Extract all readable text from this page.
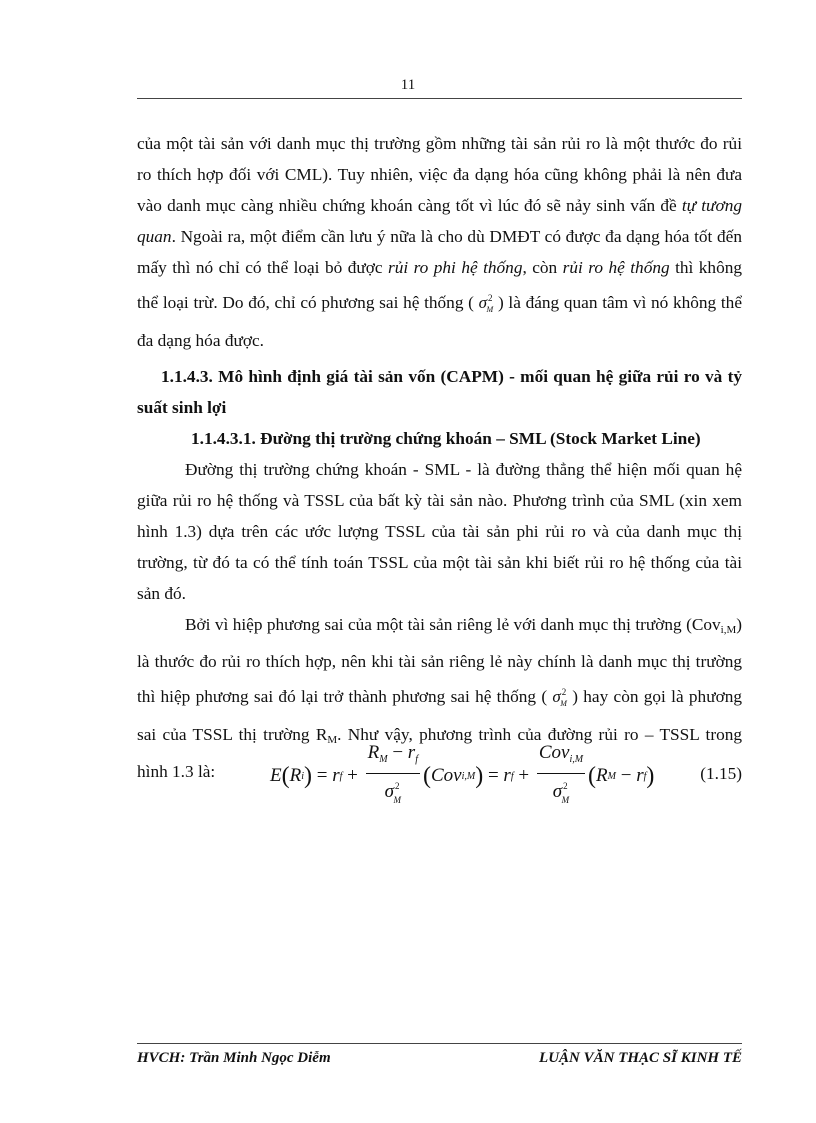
11

của một tài sản với danh mục thị trường gồm những tài sản rủi ro là một thước đo rủi ro thích hợp đối với CML). Tuy nhiên, việc đa dạng hóa cũng không phải là nên đưa vào danh mục càng nhiều chứng khoán càng tốt vì lúc đó sẽ nảy sinh vấn đề tự tương quan. Ngoài ra, một điểm cần lưu ý nữa là cho dù DMĐT có được đa dạng hóa tốt đến mấy thì nó chỉ có thể loại bỏ được rủi ro phi hệ thống, còn rủi ro hệ thống thì không thể loại trừ. Do đó, chỉ có phương sai hệ thống ( $\sigma^2_M$ ) là đáng quan tâm vì nó không thể đa dạng hóa được.

1.1.4.3. Mô hình định giá tài sản vốn (CAPM) - mối quan hệ giữa rủi ro và tỷ suất sinh lợi

1.1.4.3.1. Đường thị trường chứng khoán – SML (Stock Market Line)

Đường thị trường chứng khoán - SML - là đường thẳng thể hiện mối quan hệ giữa rủi ro hệ thống và TSSL của bất kỳ tài sản nào. Phương trình của SML (xin xem hình 1.3) dựa trên các ước lượng TSSL của tài sản phi rủi ro và của danh mục thị trường, từ đó ta có thể tính toán TSSL của một tài sản khi biết rủi ro hệ thống của tài sản đó.

Bởi vì hiệp phương sai của một tài sản riêng lẻ với danh mục thị trường (Cov$_{i,M}$) là thước đo rủi ro thích hợp, nên khi tài sản riêng lẻ này chính là danh mục thị trường thì hiệp phương sai đó lại trở thành phương sai hệ thống ( $\sigma^2_M$ ) hay còn gọi là phương sai của TSSL thị trường $R_M$. Như vậy, phương trình của đường rủi ro – TSSL trong hình 1.3 là:	E ( R i ) = r $f + \frac{R_M - r_f}{\sigma^2_M}$ ( Cov i,M ) = r $f + \frac{Cov_{i,M}}{\sigma^2_M}$ ( R M − r f )	(1.15)
HVCH: Trần Minh Ngọc Diễm	LUẬN VĂN THẠC SĨ KINH TẾ
